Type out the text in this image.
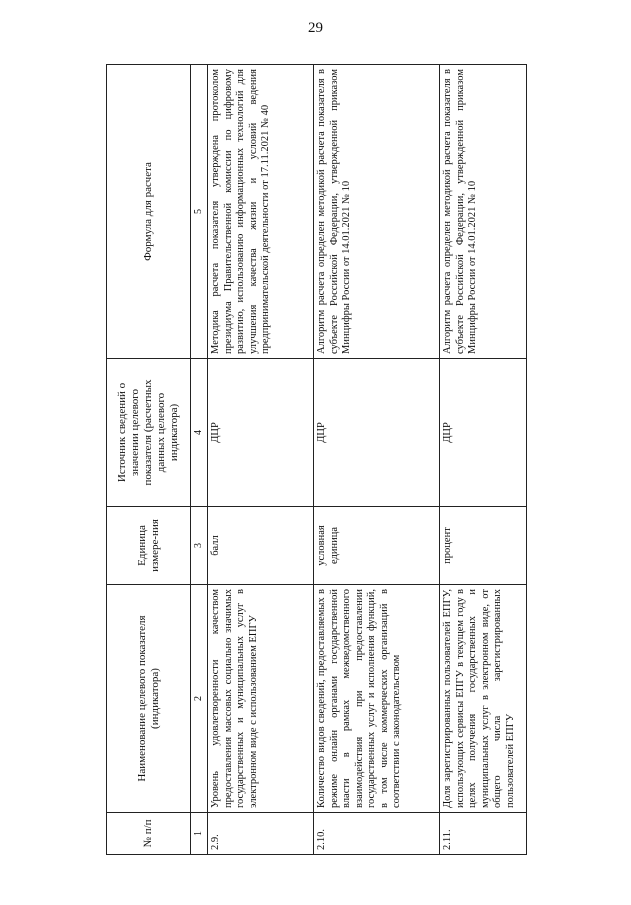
29
№ п/п	Наименование целевого показателя (индикатора)	Единица измере-ния	Источник сведений о значении целевого показателя (расчетных данных целевого индикатора)	Формула для расчета
1	2	3	4	5
2.9.	Уровень удовлетворенности качеством предоставления массовых социально значимых государственных и муниципальных услуг в электронном виде с использованием ЕПГУ	балл	ДЦР	Методика расчета показателя утверждена протоколом президиума Правительственной комиссии по цифровому развитию, использованию информационных технологий для улучшения качества жизни и условий ведения предпринимательской деятельности от 17.11.2021 № 40
2.10.	Количество видов сведений, предоставляемых в режиме онлайн органами государственной власти в рамках межведомственного взаимодействия при предоставлении государственных услуг и исполнения функций, в том числе коммерческих организаций в соответствии с законодательством	условная единица	ДЦР	Алгоритм расчета определен методикой расчета показателя в субъекте Российской Федерации, утвержденной приказом Минцифры России от 14.01.2021 № 10
2.11.	Доля зарегистрированных пользователей ЕПГУ, использующих сервисы ЕПГУ в текущем году в целях получения государственных и муниципальных услуг в электронном виде, от общего числа зарегистрированных пользователей ЕПГУ	процент	ДЦР	Алгоритм расчета определен методикой расчета показателя в субъекте Российской Федерации, утвержденной приказом Минцифры России от 14.01.2021 № 10
